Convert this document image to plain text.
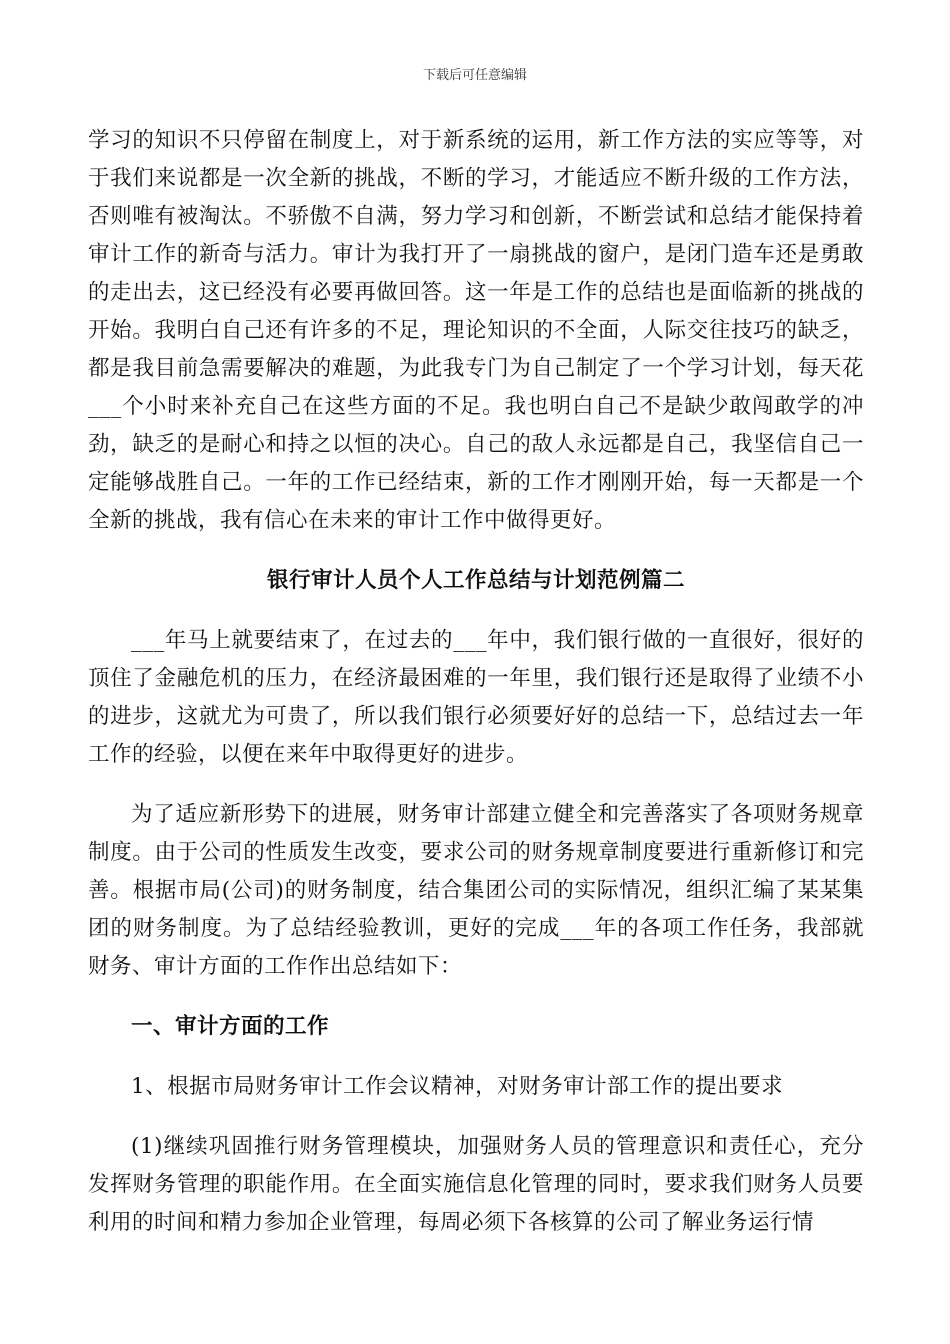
下载后可任意编辑

学习的知识不只停留在制度上，对于新系统的运用，新工作方法的实应等等，对于我们来说都是一次全新的挑战，不断的学习，才能适应不断升级的工作方法，否则唯有被淘汰。不骄傲不自满，努力学习和创新，不断尝试和总结才能保持着审计工作的新奇与活力。审计为我打开了一扇挑战的窗户，是闭门造车还是勇敢的走出去，这已经没有必要再做回答。这一年是工作的总结也是面临新的挑战的开始。我明白自己还有许多的不足，理论知识的不全面，人际交往技巧的缺乏，都是我目前急需要解决的难题，为此我专门为自己制定了一个学习计划，每天花___个小时来补充自己在这些方面的不足。我也明白自己不是缺少敢闯敢学的冲劲，缺乏的是耐心和持之以恒的决心。自己的敌人永远都是自己，我坚信自己一定能够战胜自己。一年的工作已经结束，新的工作才刚刚开始，每一天都是一个全新的挑战，我有信心在未来的审计工作中做得更好。

银行审计人员个人工作总结与计划范例篇二

___年马上就要结束了，在过去的___年中，我们银行做的一直很好，很好的顶住了金融危机的压力，在经济最困难的一年里，我们银行还是取得了业绩不小的进步，这就尤为可贵了，所以我们银行必须要好好的总结一下，总结过去一年工作的经验，以便在来年中取得更好的进步。

为了适应新形势下的进展，财务审计部建立健全和完善落实了各项财务规章制度。由于公司的性质发生改变，要求公司的财务规章制度要进行重新修订和完善。根据市局(公司)的财务制度，结合集团公司的实际情况，组织汇编了某某集团的财务制度。为了总结经验教训，更好的完成___年的各项工作任务，我部就财务、审计方面的工作作出总结如下：

一、审计方面的工作

1、根据市局财务审计工作会议精神，对财务审计部工作的提出要求

(1)继续巩固推行财务管理模块，加强财务人员的管理意识和责任心，充分发挥财务管理的职能作用。在全面实施信息化管理的同时，要求我们财务人员要利用的时间和精力参加企业管理，每周必须下各核算的公司了解业务运行情
